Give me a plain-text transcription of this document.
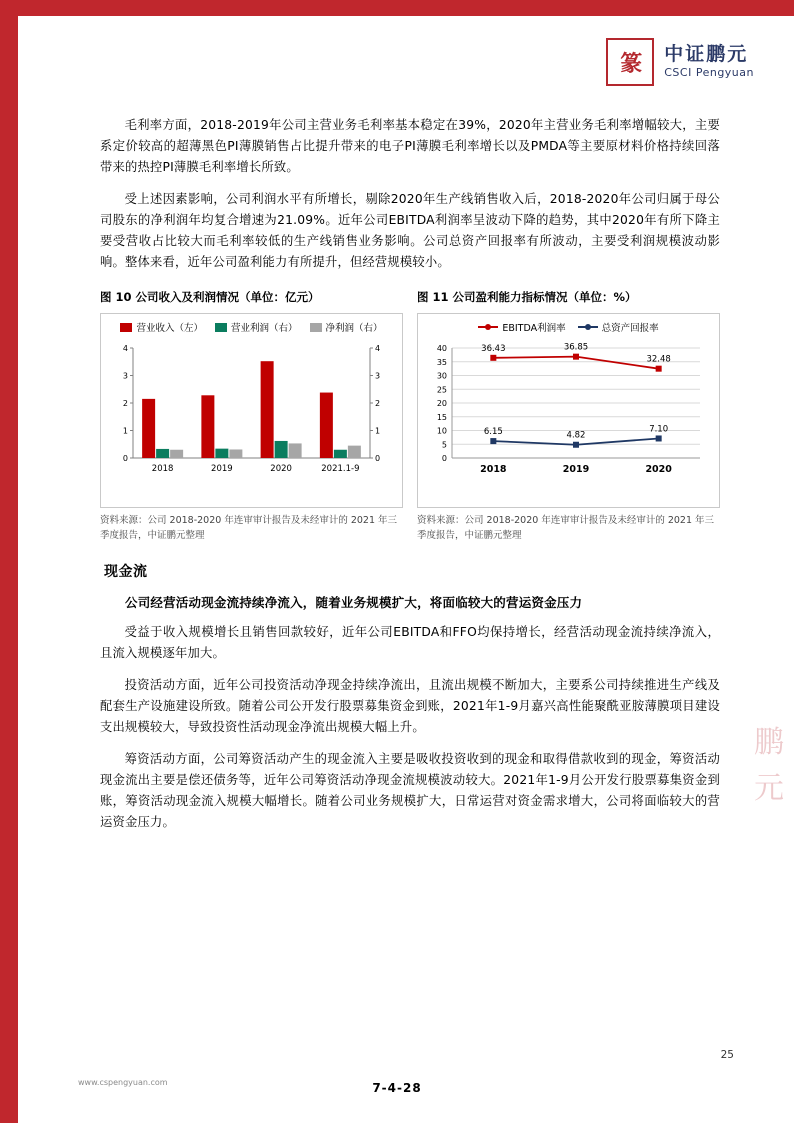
篆	中证鹏元
CSCI Pengyuan

毛利率方面，2018-2019年公司主营业务毛利率基本稳定在39%，2020年主营业务毛利率增幅较大，主要系定价较高的超薄黑色PI薄膜销售占比提升带来的电子PI薄膜毛利率增长以及PMDA等主要原材料价格持续回落带来的热控PI薄膜毛利率增长所致。

受上述因素影响，公司利润水平有所增长，剔除2020年生产线销售收入后，2018-2020年公司归属于母公司股东的净利润年均复合增速为21.09%。近年公司EBITDA利润率呈波动下降的趋势，其中2020年有所下降主要受营收占比较大而毛利率较低的生产线销售业务影响。公司总资产回报率有所波动，主要受利润规模波动影响。整体来看，近年公司盈利能力有所提升，但经营规模较小。

图 10 公司收入及利润情况（单位：亿元）
营业收入（左）	营业利润（右）	净利润（右）
0	0
1	1
2	2
3	3
4	4
2018	2019	2020	2021.1-9
资料来源：公司 2018-2020 年连审审计报告及未经审计的 2021 年三季度报告，中证鹏元整理
图 11 公司盈利能力指标情况（单位：%）
EBITDA利润率	总资产回报率
0
5
10
15
20
25
30
35
40
2018	2019	2020
36.43	36.85
32.48
6.15	4.82
7.10
资料来源：公司 2018-2020 年连审审计报告及未经审计的 2021 年三季度报告，中证鹏元整理
现金流

公司经营活动现金流持续净流入，随着业务规模扩大，将面临较大的营运资金压力

受益于收入规模增长且销售回款较好，近年公司EBITDA和FFO均保持增长，经营活动现金流持续净流入，且流入规模逐年加大。

投资活动方面，近年公司投资活动净现金持续净流出，且流出规模不断加大，主要系公司持续推进生产线及配套生产设施建设所致。随着公司公开发行股票募集资金到账，2021年1-9月嘉兴高性能聚酰亚胺薄膜项目建设支出规模较大，导致投资性活动现金净流出规模大幅上升。

筹资活动方面，公司筹资活动产生的现金流入主要是吸收投资收到的现金和取得借款收到的现金，筹资活动现金流出主要是偿还债务等，近年公司筹资活动净现金流规模波动较大。2021年1-9月公开发行股票募集资金到账，筹资活动现金流入规模大幅增长。随着公司业务规模扩大，日常运营对资金需求增大，公司将面临较大的营运资金压力。

鹏元
25
www.cspengyuan.com	7-4-28
